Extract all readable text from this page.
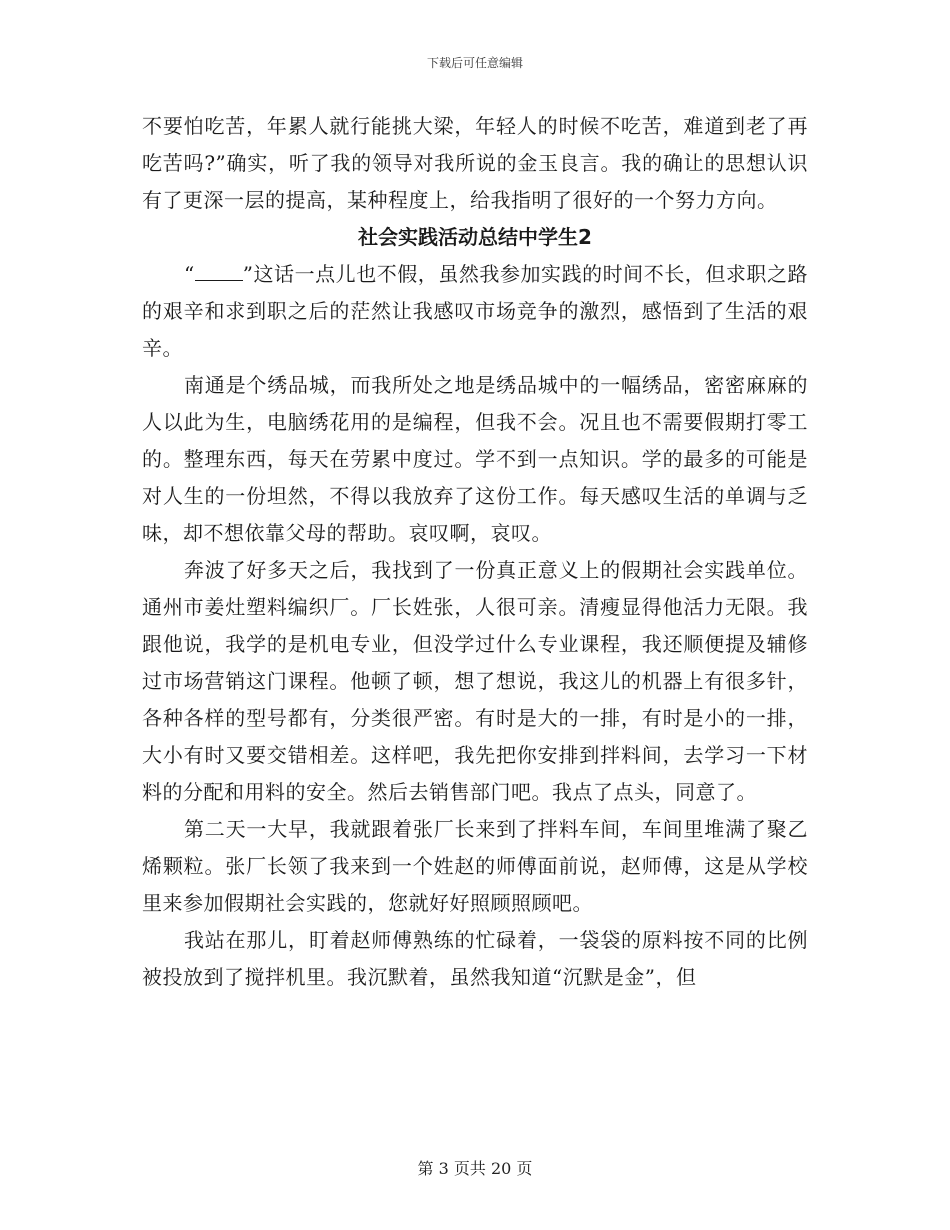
下载后可任意编辑

不要怕吃苦，年累人就行能挑大梁，年轻人的时候不吃苦，难道到老了再吃苦吗?”确实，听了我的领导对我所说的金玉良言。我的确让的思想认识有了更深一层的提高，某种程度上，给我指明了很好的一个努力方向。

社会实践活动总结中学生2

“ ”这话一点儿也不假，虽然我参加实践的时间不长，但求职之路的艰辛和求到职之后的茫然让我感叹市场竞争的激烈，感悟到了生活的艰辛。

南通是个绣品城，而我所处之地是绣品城中的一幅绣品，密密麻麻的人以此为生，电脑绣花用的是编程，但我不会。况且也不需要假期打零工的。整理东西，每天在劳累中度过。学不到一点知识。学的最多的可能是对人生的一份坦然，不得以我放弃了这份工作。每天感叹生活的单调与乏味，却不想依靠父母的帮助。哀叹啊，哀叹。

奔波了好多天之后，我找到了一份真正意义上的假期社会实践单位。通州市姜灶塑料编织厂。厂长姓张，人很可亲。清瘦显得他活力无限。我跟他说，我学的是机电专业，但没学过什么专业课程，我还顺便提及辅修过市场营销这门课程。他顿了顿，想了想说，我这儿的机器上有很多针，各种各样的型号都有，分类很严密。有时是大的一排，有时是小的一排，大小有时又要交错相差。这样吧，我先把你安排到拌料间，去学习一下材料的分配和用料的安全。然后去销售部门吧。我点了点头，同意了。

第二天一大早，我就跟着张厂长来到了拌料车间，车间里堆满了聚乙烯颗粒。张厂长领了我来到一个姓赵的师傅面前说，赵师傅，这是从学校里来参加假期社会实践的，您就好好照顾照顾吧。

我站在那儿，盯着赵师傅熟练的忙碌着，一袋袋的原料按不同的比例被投放到了搅拌机里。我沉默着，虽然我知道“沉默是金”，但

第 3 页共 20 页
